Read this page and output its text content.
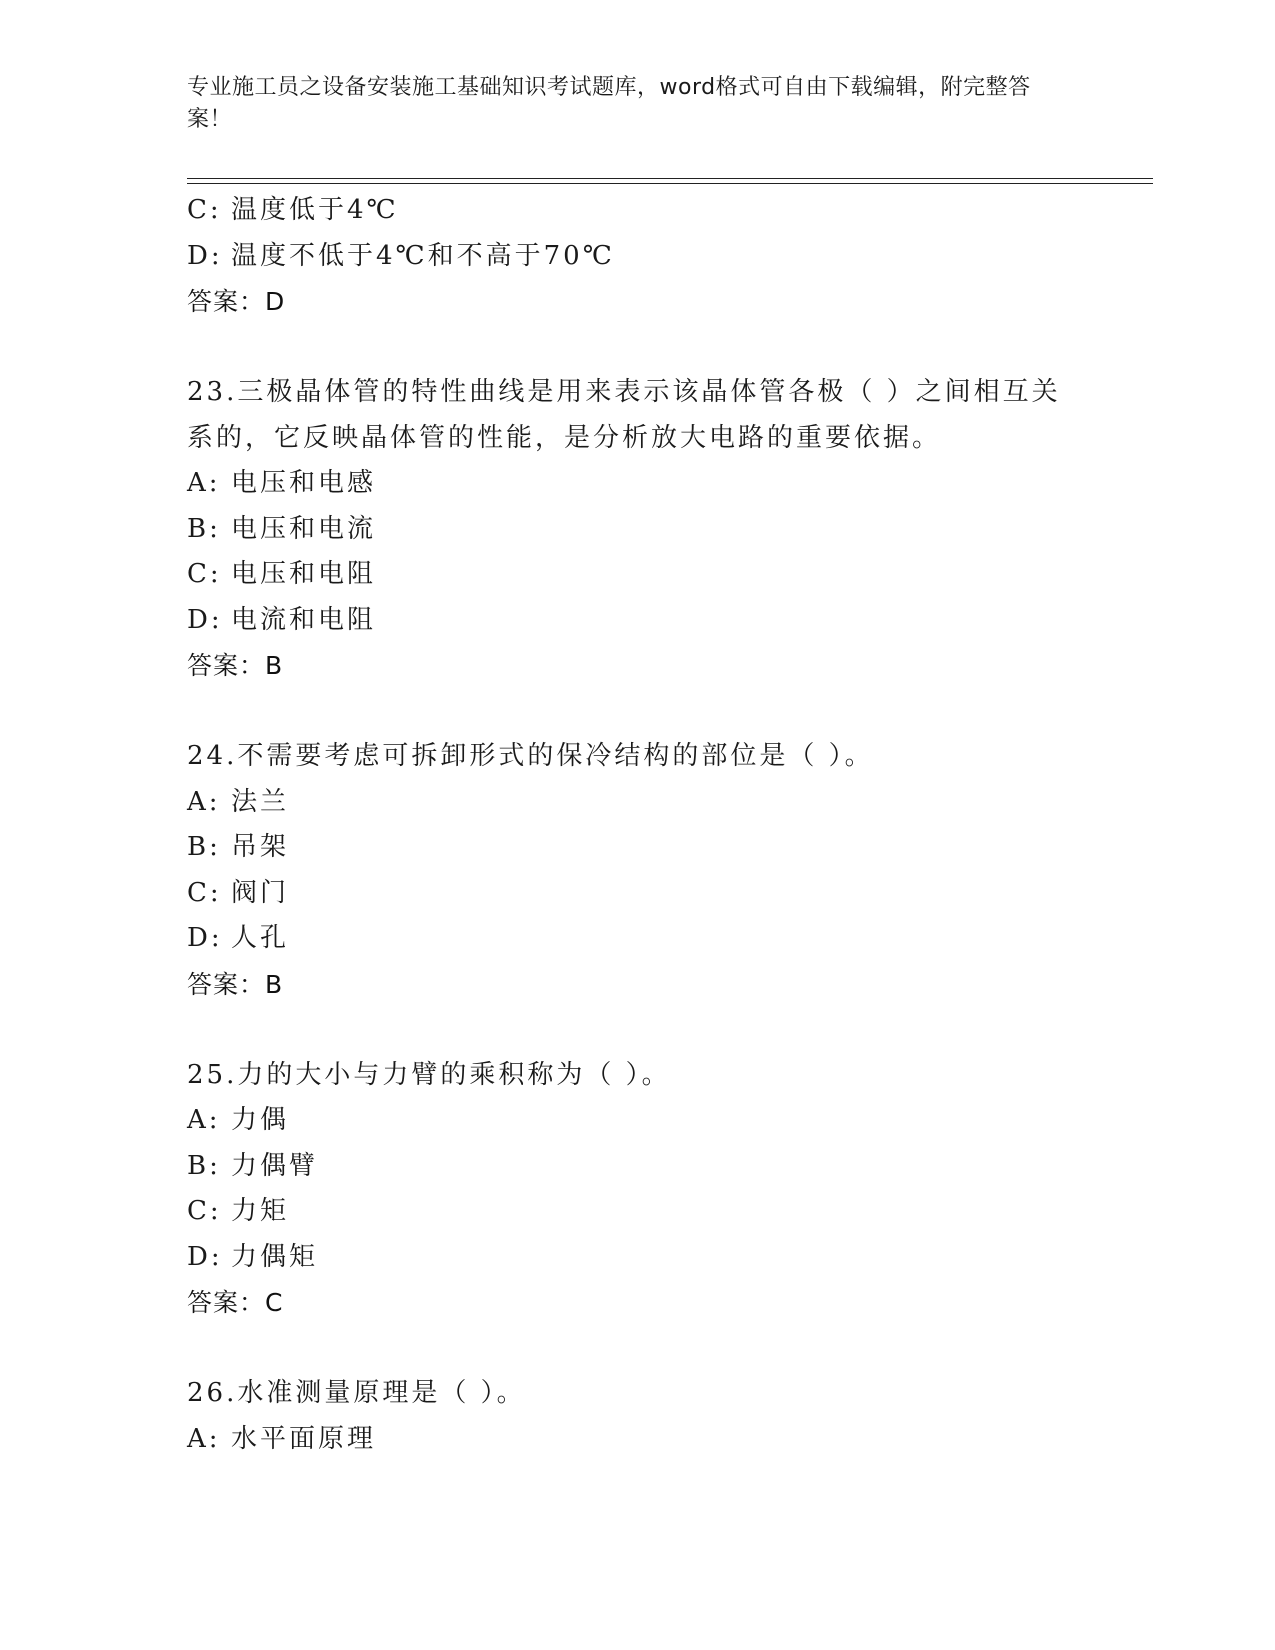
专业施工员之设备安装施工基础知识考试题库，word格式可自由下载编辑，附完整答案！
C: 温度低于4℃
D: 温度不低于4℃和不高于70℃
答案：D
23.三极晶体管的特性曲线是用来表示该晶体管各极（ ）之间相互关系的，它反映晶体管的性能，是分析放大电路的重要依据。
A: 电压和电感
B: 电压和电流
C: 电压和电阻
D: 电流和电阻
答案：B
24.不需要考虑可拆卸形式的保冷结构的部位是（ ）。
A: 法兰
B: 吊架
C: 阀门
D: 人孔
答案：B
25.力的大小与力臂的乘积称为（ ）。
A: 力偶
B: 力偶臂
C: 力矩
D: 力偶矩
答案：C
26.水准测量原理是（ ）。
A: 水平面原理
